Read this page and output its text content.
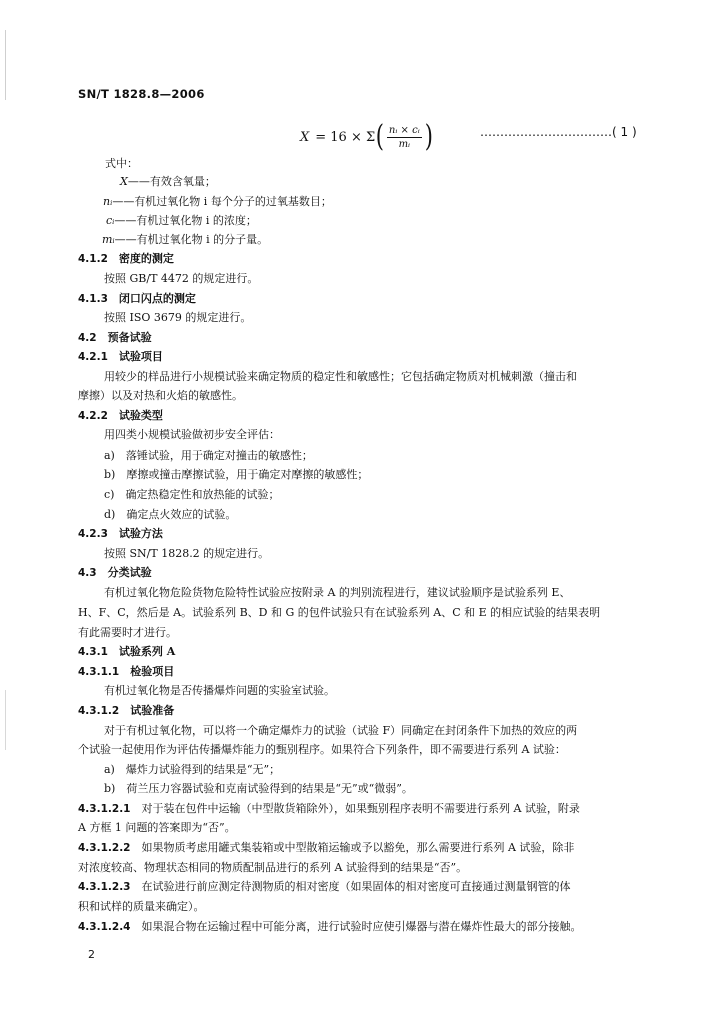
SN/T 1828.8—2006
X = 16 × Σ ( $\frac{\text{nᵢ × cᵢ}}{\text{mᵢ}}$ )	……………………………( 1 )
式中：
X——有效含氧量；
nᵢ——有机过氧化物 i 每个分子的过氧基数目；
cᵢ——有机过氧化物 i 的浓度；
mᵢ——有机过氧化物 i 的分子量。
4.1.2　 密度的测定
按照 GB/T 4472 的规定进行。
4.1.3　 闭口闪点的测定
按照 ISO 3679 的规定进行。
4.2　 预备试验
4.2.1　 试验项目
用较少的样品进行小规模试验来确定物质的稳定性和敏感性；它包括确定物质对机械刺激（撞击和
摩擦）以及对热和火焰的敏感性。
4.2.2　 试验类型
用四类小规模试验做初步安全评估：
a)　落锤试验，用于确定对撞击的敏感性；
b)　摩擦或撞击摩擦试验，用于确定对摩擦的敏感性；
c)　确定热稳定性和放热能的试验；
d)　确定点火效应的试验。
4.2.3　 试验方法
按照 SN/T 1828.2 的规定进行。
4.3　 分类试验
有机过氧化物危险货物危险特性试验应按附录 A 的判别流程进行，建议试验顺序是试验系列 E、
H、F、C，然后是 A。试验系列 B、D 和 G 的包件试验只有在试验系列 A、C 和 E 的相应试验的结果表明
有此需要时才进行。
4.3.1　 试验系列 A
4.3.1.1　 检验项目
有机过氧化物是否传播爆炸问题的实验室试验。
4.3.1.2　 试验准备
对于有机过氧化物，可以将一个确定爆炸力的试验（试验 F）同确定在封闭条件下加热的效应的两
个试验一起使用作为评估传播爆炸能力的甄别程序。如果符合下列条件，即不需要进行系列 A 试验：
a)　爆炸力试验得到的结果是“无”；
b)　荷兰压力容器试验和克南试验得到的结果是“无”或“微弱”。
4.3.1.2.1　 对于装在包件中运输（中型散货箱除外），如果甄别程序表明不需要进行系列 A 试验，附录
A 方框 1 问题的答案即为“否”。
4.3.1.2.2　 如果物质考虑用罐式集装箱或中型散箱运输或予以豁免，那么需要进行系列 A 试验，除非
对浓度较高、物理状态相同的物质配制品进行的系列 A 试验得到的结果是“否”。
4.3.1.2.3　 在试验进行前应测定待测物质的相对密度（如果固体的相对密度可直接通过测量钢管的体
积和试样的质量来确定）。
4.3.1.2.4　 如果混合物在运输过程中可能分离，进行试验时应使引爆器与潜在爆炸性最大的部分接触。
2
